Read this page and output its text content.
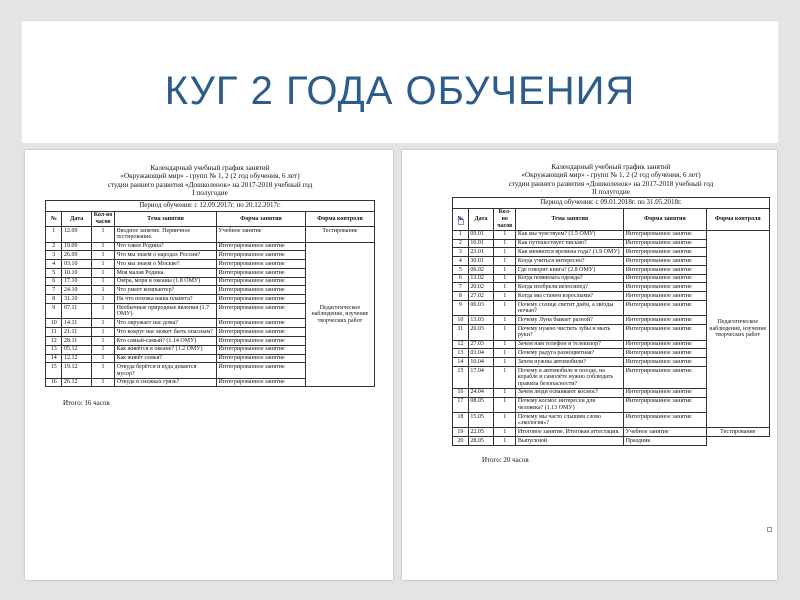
КУГ 2 ГОДА ОБУЧЕНИЯ
Календарный учебный график занятий
«Окружающий мир» - групп № 1, 2 (2 год обучения, 6 лет)
студии раннего развития «Дошколенок» на 2017-2018 учебный год
I полугодие
Период обучения: с 12.09.2017г. по 20.12.2017г.					
№	Дата	Кол-во часов	Тема занятия	Форма занятия	Форма контроля
1	12.09	1	Вводное занятие. Первичное тестирование.	Учебное занятие	Тестирование
2	19.09	1	Что такое Родина?	Интегрированное занятие	Педагогическое наблюдение, изучение творческих работ
3	26.09	1	Что мы знаем о народах России?	Интегрированное занятие	
4	03.10	1	Что мы знаем о Москве?	Интегрированное занятие	
5	10.10	1	Моя малая Родина.	Интегрированное занятие	
6	17.10	1	Озёра, моря и океаны (1.8 ОМУ)	Интегрированное занятие	
7	24.10	1	Что умеет компьютер?	Интегрированное занятие	
8	31.10	1	На что похожа наша планета?	Интегрированное занятие	
9	07.11	1	Необычные природные явления (1.7 ОМУ)	Интегрированное занятие	
10	14.11	1	Что окружает нас дома?	Интегрированное занятие	
11	21.11	1	Что вокруг нас может быть опасным?	Интегрированное занятие	
12	28.11	1	Кто самый-самый? (1.14 ОМУ)	Интегрированное занятие	
13	05.12	1	Как живётся в океане? (1.2 ОМУ)	Интегрированное занятие	
14	12.12	1	Как живёт семья?	Интегрированное занятие	
15	19.12	1	Откуда берётся и куда девается мусор?	Интегрированное занятие	
16	26.12	1	Откуда в снежках грязь?	Интегрированное занятие	
Итого: 16 часов
Календарный учебный график занятий
«Окружающий мир» - групп № 1, 2 (2 год обучения, 6 лет)
студии раннего развития «Дошколенок» на 2017-2018 учебный год
II полугодие
Период обучения: с 09.01.2018г. по 31.05.2018г.					
№	Дата	Кол-во часов	Тема занятия	Форма занятия	Форма контроля
1	09.01	1	Как мы чувствуем? (1.5 ОМУ)	Интегрированное занятие	Педагогическое наблюдение, изучение творческих работ
2	16.01	1	Как путешествует письмо?	Интегрированное занятие	
3	23.01	1	Как меняются времена года? (1.9 ОМУ)	Интегрированное занятие	
4	30.01	1	Когда учиться интересно?	Интегрированное занятие	
5	06.02	1	Где говорит книга? (2.8 ОМУ)	Интегрированное занятие	
6	13.02	1	Когда появилась одежда?	Интегрированное занятие	
7	20.02	1	Когда изобрели велосипед?	Интегрированное занятие	
8	27.02	1	Когда мы станем взрослыми?	Интегрированное занятие	
9	06.03	1	Почему солнце светит днём, а звёзды ночью?	Интегрированное занятие	
10	13.03	1	Почему Луна бывает разной?	Интегрированное занятие	
11	20.03	1	Почему нужно чистить зубы и мыть руки?	Интегрированное занятие	
12	27.03	1	Зачем нам телефон и телевизор?	Интегрированное занятие	
13	03.04	1	Почему радуга разноцветная?	Интегрированное занятие	
14	10.04	1	Зачем нужны автомобили?	Интегрированное занятие	
15	17.04	1	Почему в автомобиле и поезде, на корабле и самолёте нужно соблюдать правила безопасности?	Интегрированное занятие	
16	24.04	1	Зачем люди осваивают космос?	Интегрированное занятие	
17	08.05	1	Почему космос интересен для человека? (1.13 ОМУ)	Интегрированное занятие	
18	15.05	1	Почему мы часто слышим слово «экология»?	Интегрированное занятие	
19	22.05	1	Итоговое занятие. Итоговая аттестация.	Учебное занятие	Тестирование
20	28.05	1	Выпускной	Праздник	
Итого: 20 часов
